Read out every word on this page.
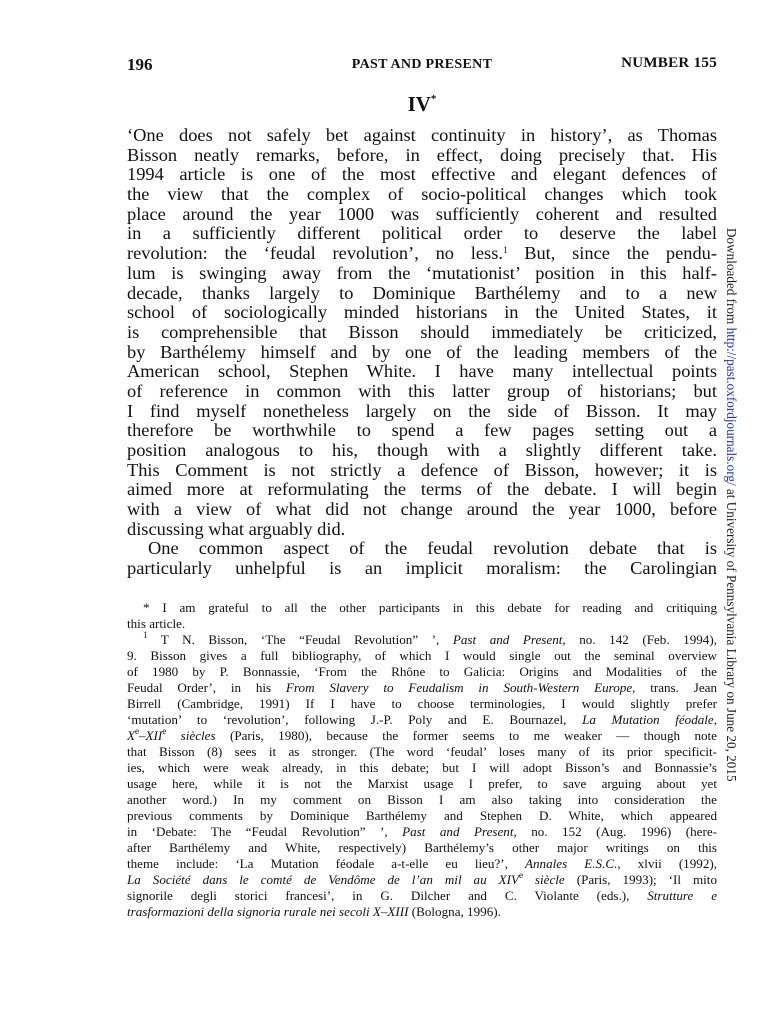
196	PAST AND PRESENT	NUMBER 155
IV*
‘One does not safely bet against continuity in history’, as Thomas
Bisson neatly remarks, before, in effect, doing precisely that. His
1994 article is one of the most effective and elegant defences of
the view that the complex of socio-political changes which took
place around the year 1000 was sufficiently coherent and resulted
in a sufficiently different political order to deserve the label
revolution: the ‘feudal revolution’, no less.$^1$ But, since the pendu-
lum is swinging away from the ‘mutationist’ position in this half-
decade, thanks largely to Dominique Barthélemy and to a new
school of sociologically minded historians in the United States, it
is comprehensible that Bisson should immediately be criticized,
by Barthélemy himself and by one of the leading members of the
American school, Stephen White. I have many intellectual points
of reference in common with this latter group of historians; but
I find myself nonetheless largely on the side of Bisson. It may
therefore be worthwhile to spend a few pages setting out a
position analogous to his, though with a slightly different take.
This Comment is not strictly a defence of Bisson, however; it is
aimed more at reformulating the terms of the debate. I will begin
with a view of what did not change around the year 1000, before
discussing what arguably did.
One common aspect of the feudal revolution debate that is
particularly unhelpful is an implicit moralism: the Carolingian
* I am grateful to all the other participants in this debate for reading and critiquing
this article.
$^1$ T N. Bisson, ‘The “Feudal Revolution” ’, Past and Present, no. 142 (Feb. 1994),
9. Bisson gives a full bibliography, of which I would single out the seminal overview
of 1980 by P. Bonnassie, ‘From the Rhône to Galicia: Origins and Modalities of the
Feudal Order’, in his From Slavery to Feudalism in South-Western Europe, trans. Jean
Birrell (Cambridge, 1991) If I have to choose terminologies, I would slightly prefer
‘mutation’ to ‘revolution’, following J.-P. Poly and E. Bournazel, La Mutation féodale,
Xe–XIIe siècles (Paris, 1980), because the former seems to me weaker — though note
that Bisson (8) sees it as stronger. (The word ‘feudal’ loses many of its prior specificit-
ies, which were weak already, in this debate; but I will adopt Bisson’s and Bonnassie’s
usage here, while it is not the Marxist usage I prefer, to save arguing about yet
another word.) In my comment on Bisson I am also taking into consideration the
previous comments by Dominique Barthélemy and Stephen D. White, which appeared
in ‘Debate: The “Feudal Revolution” ’, Past and Present, no. 152 (Aug. 1996) (here-
after Barthélemy and White, respectively) Barthélemy’s other major writings on this
theme include: ‘La Mutation féodale a-t-elle eu lieu?’, Annales E.S.C., xlvii (1992),
La Société dans le comté de Vendôme de l’an mil au XIVe siècle (Paris, 1993); ‘Il mito
signorile degli storici francesi’, in G. Dilcher and C. Violante (eds.), Strutture e
trasformazioni della signoria rurale nei secoli X–XIII (Bologna, 1996).
Downloaded from http://past.oxfordjournals.org/ at University of Pennsylvania Library on June 20, 2015
